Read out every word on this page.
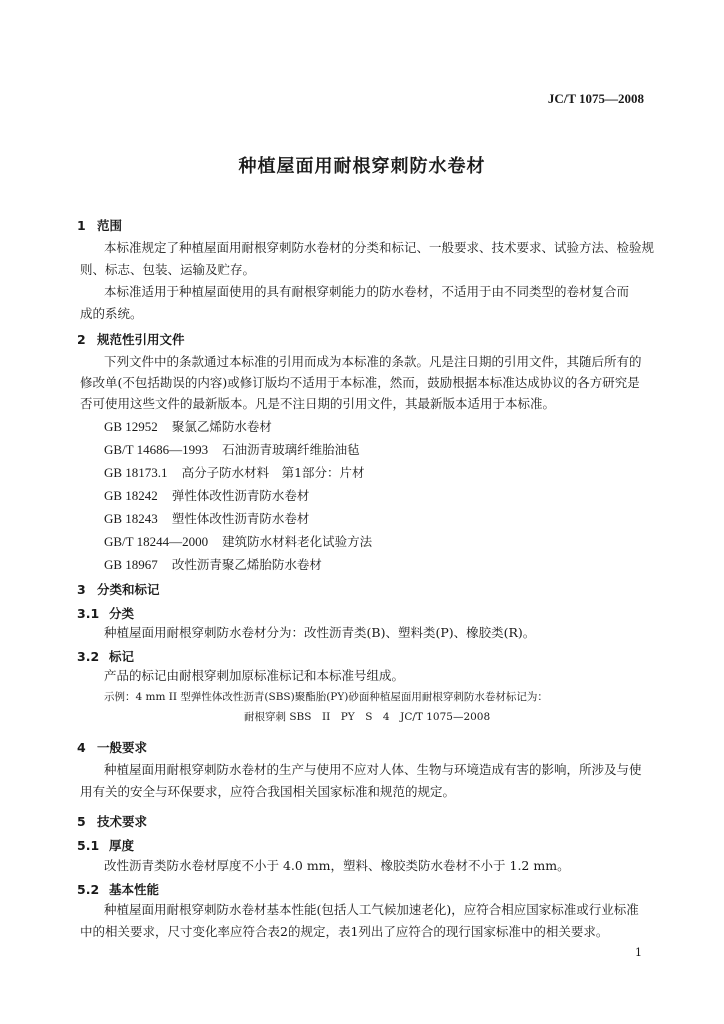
JC/T 1075—2008
种植屋面用耐根穿刺防水卷材
1 范围
本标准规定了种植屋面用耐根穿刺防水卷材的分类和标记、一般要求、技术要求、试验方法、检验规
则、标志、包装、运输及贮存。
本标准适用于种植屋面使用的具有耐根穿刺能力的防水卷材，不适用于由不同类型的卷材复合而
成的系统。
2 规范性引用文件
下列文件中的条款通过本标准的引用而成为本标准的条款。凡是注日期的引用文件，其随后所有的
修改单(不包括勘误的内容)或修订版均不适用于本标准，然而，鼓励根据本标准达成协议的各方研究是
否可使用这些文件的最新版本。凡是不注日期的引用文件，其最新版本适用于本标准。
GB 12952 聚氯乙烯防水卷材
GB/T 14686—1993 石油沥青玻璃纤维胎油毡
GB 18173.1 高分子防水材料　第1部分：片材
GB 18242 弹性体改性沥青防水卷材
GB 18243 塑性体改性沥青防水卷材
GB/T 18244—2000 建筑防水材料老化试验方法
GB 18967 改性沥青聚乙烯胎防水卷材
3 分类和标记
3.1 分类
种植屋面用耐根穿刺防水卷材分为：改性沥青类(B)、塑料类(P)、橡胶类(R)。
3.2 标记
产品的标记由耐根穿刺加原标准标记和本标准号组成。
示例：4 mm II 型弹性体改性沥青(SBS)聚酯胎(PY)砂面种植屋面用耐根穿刺防水卷材标记为：
耐根穿刺 SBS　II　PY　S　4　JC/T 1075—2008
4 一般要求
种植屋面用耐根穿刺防水卷材的生产与使用不应对人体、生物与环境造成有害的影响，所涉及与使
用有关的安全与环保要求，应符合我国相关国家标准和规范的规定。
5 技术要求
5.1 厚度
改性沥青类防水卷材厚度不小于 4.0 mm，塑料、橡胶类防水卷材不小于 1.2 mm。
5.2 基本性能
种植屋面用耐根穿刺防水卷材基本性能(包括人工气候加速老化)，应符合相应国家标准或行业标准
中的相关要求，尺寸变化率应符合表2的规定，表1列出了应符合的现行国家标准中的相关要求。
1
